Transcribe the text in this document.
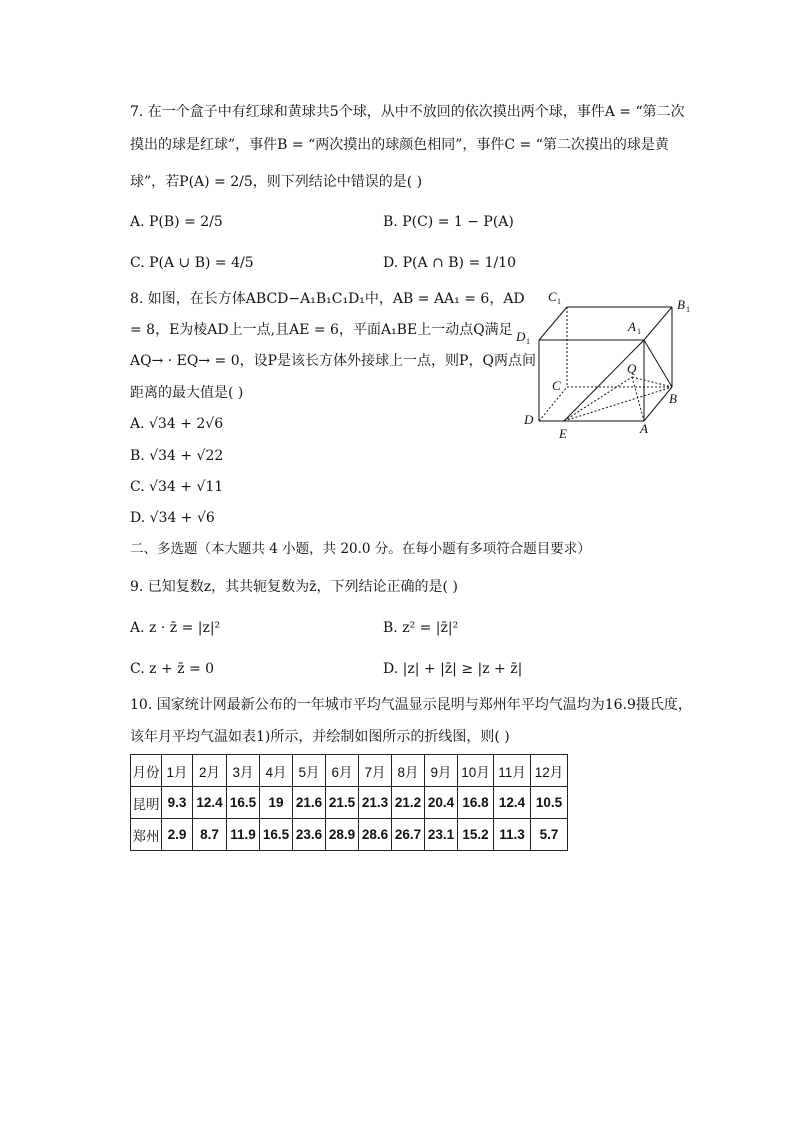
7. 在一个盒子中有红球和黄球共5个球，从中不放回的依次摸出两个球，事件A = “第二次
摸出的球是红球”，事件B = “两次摸出的球颜色相同”，事件C = “第二次摸出的球是黄
球”，若P(A) = 2/5，则下列结论中错误的是( )
A. P(B) = 2/5	B. P(C) = 1 − P(A)
C. P(A ∪ B) = 4/5	D. P(A ∩ B) = 1/10
8. 如图，在长方体ABCD−A₁B₁C₁D₁中，AB = AA₁ = 6，AD
= 8，E为棱AD上一点,且AE = 6，平面A₁BE上一动点Q满足
AQ→ · EQ→ = 0，设P是该长方体外接球上一点，则P，Q两点间
距离的最大值是( )
A. √34 + 2√6
B. √34 + √22
C. √34 + √11
D. √34 + √6
C 1	B 1
D 1
A 1
Q
C
B
D
E	A
二、多选题（本大题共 4 小题，共 20.0 分。在每小题有多项符合题目要求）
9. 已知复数z，其共轭复数为z̄，下列结论正确的是( )
A. z · z̄ = |z|²	B. z² = |z̄|²
C. z + z̄ = 0	D. |z| + |z̄| ≥ |z + z̄|
10. 国家统计网最新公布的一年城市平均气温显示昆明与郑州年平均气温均为16.9摄氏度，
该年月平均气温如表1)所示，并绘制如图所示的折线图，则( )
月份	1月	2月	3月	4月	5月	6月	7月	8月	9月	10月	11月	12月
昆明	9.3	12.4	16.5	19	21.6	21.5	21.3	21.2	20.4	16.8	12.4	10.5
郑州	2.9	8.7	11.9	16.5	23.6	28.9	28.6	26.7	23.1	15.2	11.3	5.7
